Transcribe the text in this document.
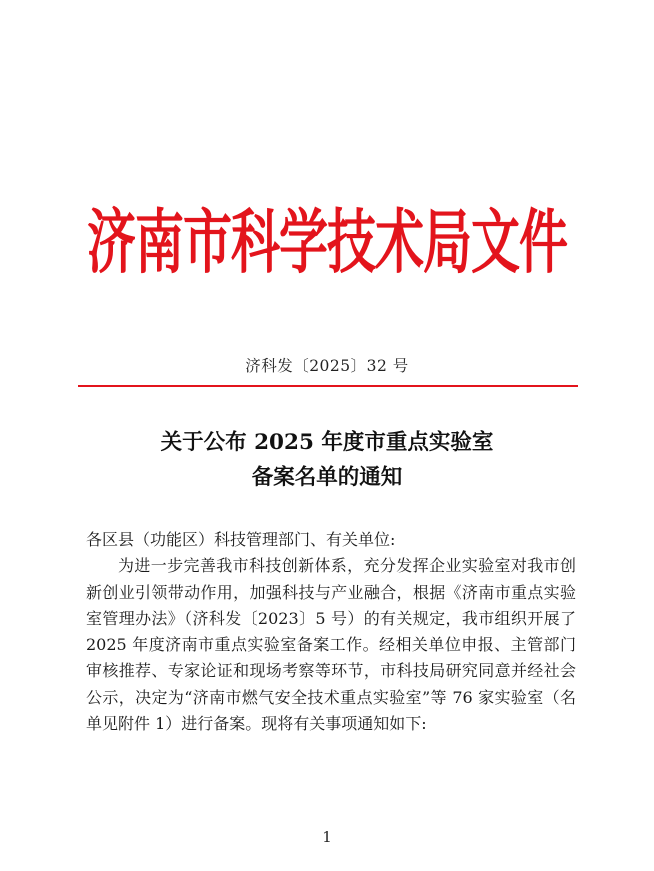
济南市科学技术局文件
济科发〔2025〕32 号
关于公布 2025 年度市重点实验室
备案名单的通知

各区县（功能区）科技管理部门、有关单位:

为进一步完善我市科技创新体系，充分发挥企业实验室对我市创新创业引领带动作用，加强科技与产业融合，根据《济南市重点实验室管理办法》（济科发〔2023〕5 号）的有关规定，我市组织开展了 2025 年度济南市重点实验室备案工作。经相关单位申报、主管部门审核推荐、专家论证和现场考察等环节，市科技局研究同意并经社会公示，决定为“济南市燃气安全技术重点实验室”等 76 家实验室（名单见附件 1）进行备案。现将有关事项通知如下:

1
